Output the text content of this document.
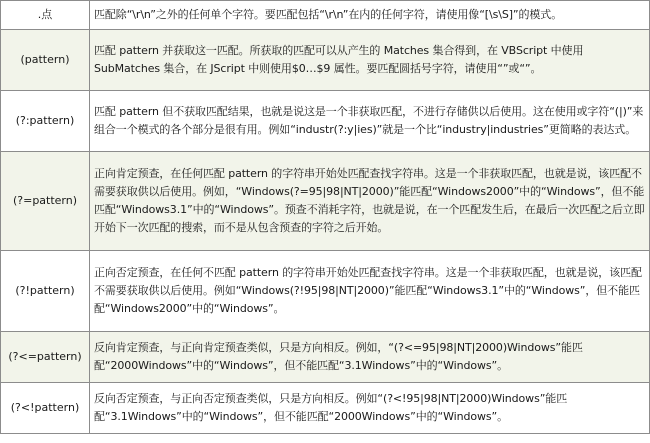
.点	匹配除“\r\n”之外的任何单个字符。要匹配包括“\r\n”在内的任何字符，请使用像“[\s\S]”的模式。
(pattern)	匹配 pattern 并获取这一匹配。所获取的匹配可以从产生的 Matches 集合得到，在 VBScript 中使用 SubMatches 集合，在 JScript 中则使用$0…$9 属性。要匹配圆括号字符，请使用“”或“”。
(?:pattern)	匹配 pattern 但不获取匹配结果，也就是说这是一个非获取匹配，不进行存储供以后使用。这在使用或字符“(|)”来组合一个模式的各个部分是很有用。例如“industr(?:y|ies)”就是一个比“industry|industries”更简略的表达式。
(?=pattern)	正向肯定预查，在任何匹配 pattern 的字符串开始处匹配查找字符串。这是一个非获取匹配，也就是说，该匹配不需要获取供以后使用。例如，“Windows(?=95|98|NT|2000)”能匹配“Windows2000”中的“Windows”，但不能匹配“Windows3.1”中的“Windows”。预查不消耗字符，也就是说，在一个匹配发生后，在最后一次匹配之后立即开始下一次匹配的搜索，而不是从包含预查的字符之后开始。
(?!pattern)	正向否定预查，在任何不匹配 pattern 的字符串开始处匹配查找字符串。这是一个非获取匹配，也就是说，该匹配不需要获取供以后使用。例如“Windows(?!95|98|NT|2000)”能匹配“Windows3.1”中的“Windows”，但不能匹配“Windows2000”中的“Windows”。
(?<=pattern)	反向肯定预查，与正向肯定预查类似，只是方向相反。例如，“(?<=95|98|NT|2000)Windows”能匹配“2000Windows”中的“Windows”，但不能匹配“3.1Windows”中的“Windows”。
(?<!pattern)	反向否定预查，与正向否定预查类似，只是方向相反。例如“(?<!95|98|NT|2000)Windows”能匹配“3.1Windows”中的“Windows”，但不能匹配“2000Windows”中的“Windows”。
